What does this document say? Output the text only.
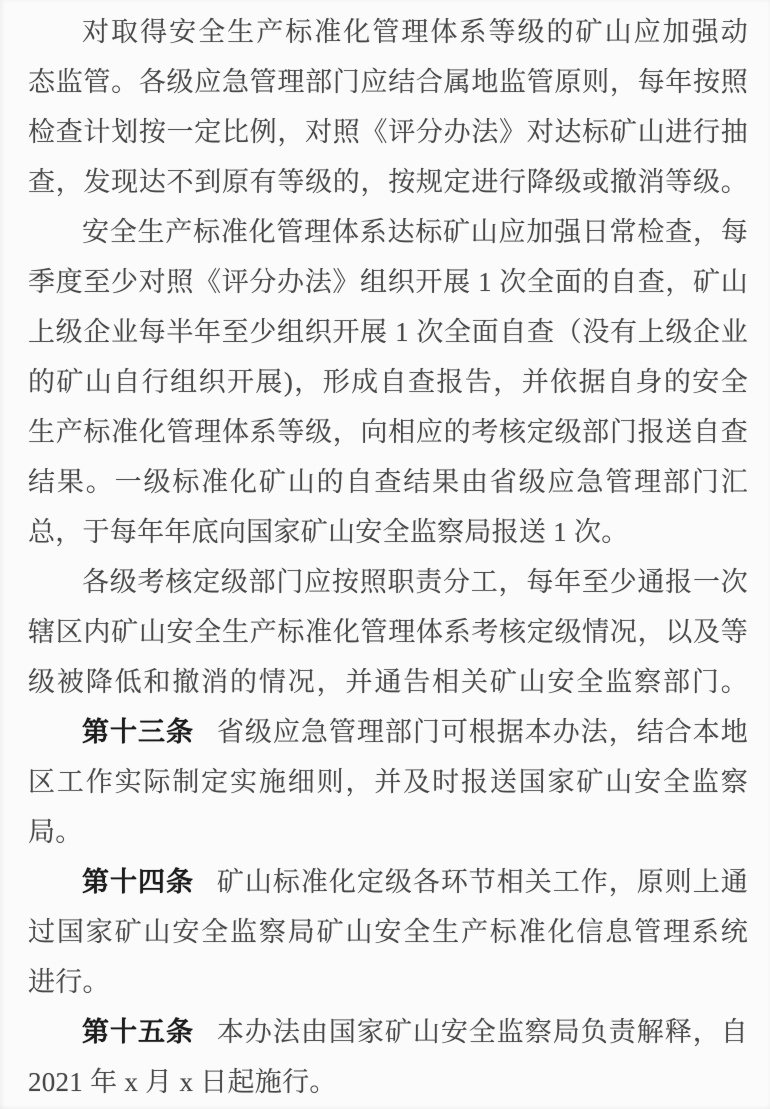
对取得安全生产标准化管理体系等级的矿山应加强动
态监管。各级应急管理部门应结合属地监管原则，每年按照
检查计划按一定比例，对照《评分办法》对达标矿山进行抽
查，发现达不到原有等级的，按规定进行降级或撤消等级。
安全生产标准化管理体系达标矿山应加强日常检查，每
季度至少对照《评分办法》组织开展 1 次全面的自查，矿山
上级企业每半年至少组织开展 1 次全面自查（没有上级企业
的矿山自行组织开展)，形成自查报告，并依据自身的安全
生产标准化管理体系等级，向相应的考核定级部门报送自查
结果。一级标准化矿山的自查结果由省级应急管理部门汇
总，于每年年底向国家矿山安全监察局报送 1 次。
各级考核定级部门应按照职责分工，每年至少通报一次
辖区内矿山安全生产标准化管理体系考核定级情况，以及等
级被降低和撤消的情况，并通告相关矿山安全监察部门。
第十三条 省级应急管理部门可根据本办法，结合本地
区工作实际制定实施细则，并及时报送国家矿山安全监察
局。
第十四条 矿山标准化定级各环节相关工作，原则上通
过国家矿山安全监察局矿山安全生产标准化信息管理系统
进行。
第十五条 本办法由国家矿山安全监察局负责解释，自
2021 年 x 月 x 日起施行。
